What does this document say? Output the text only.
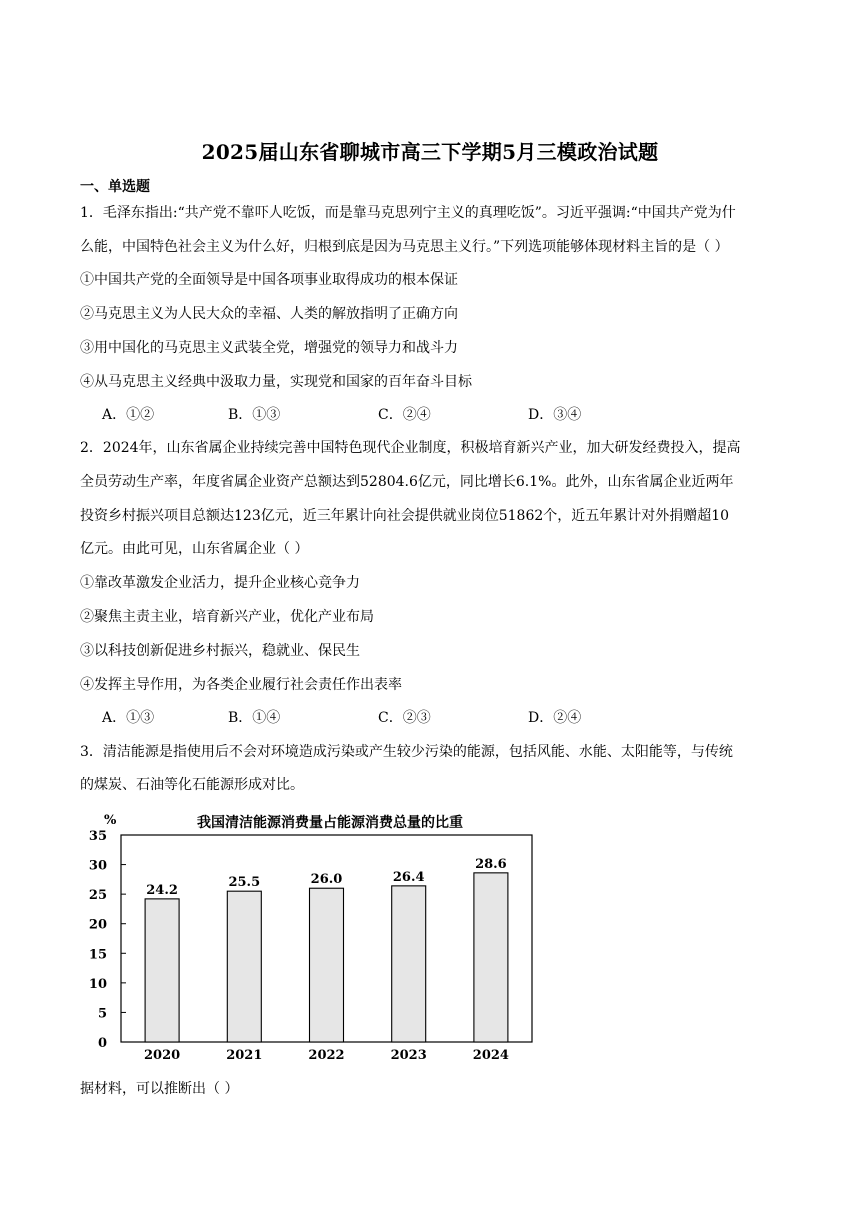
2025届山东省聊城市高三下学期5月三模政治试题
一、单选题
1．毛泽东指出:“共产党不靠吓人吃饭，而是靠马克思列宁主义的真理吃饭”。习近平强调:“中国共产党为什
么能，中国特色社会主义为什么好，归根到底是因为马克思主义行。”下列选项能够体现材料主旨的是（ ）
①中国共产党的全面领导是中国各项事业取得成功的根本保证
②马克思主义为人民大众的幸福、人类的解放指明了正确方向
③用中国化的马克思主义武装全党，增强党的领导力和战斗力
④从马克思主义经典中汲取力量，实现党和国家的百年奋斗目标
A．①②	B．①③	C．②④	D．③④
2．2024年，山东省属企业持续完善中国特色现代企业制度，积极培育新兴产业，加大研发经费投入，提高
全员劳动生产率，年度省属企业资产总额达到52804.6亿元，同比增长6.1%。此外，山东省属企业近两年
投资乡村振兴项目总额达123亿元，近三年累计向社会提供就业岗位51862个，近五年累计对外捐赠超10
亿元。由此可见，山东省属企业（ ）
①靠改革激发企业活力，提升企业核心竞争力
②聚焦主责主业，培育新兴产业，优化产业布局
③以科技创新促进乡村振兴，稳就业、保民生
④发挥主导作用，为各类企业履行社会责任作出表率
A．①③	B．①④	C．②③	D．②④
3．清洁能源是指使用后不会对环境造成污染或产生较少污染的能源，包括风能、水能、太阳能等，与传统
的煤炭、石油等化石能源形成对比。
%	我国清洁能源消费量占能源消费总量的比重
0
5
10
15
20
25
30
35
24.2
25.5	26.0	26.4
28.6
2020	2021	2022	2023	2024
据材料，可以推断出（ ）
